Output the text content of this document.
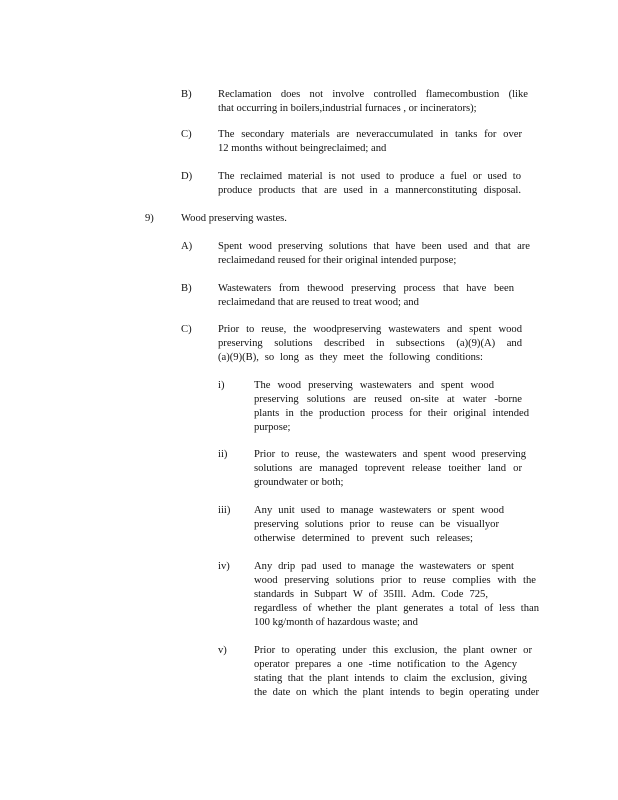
B) Reclamation does not involve controlled flamecombustion (like
that occurring in boilers,industrial furnaces , or incinerators);
C) The secondary materials are neveraccumulated in tanks for over
12 months without beingreclaimed; and
D) The reclaimed material is not used to produce a fuel or used to
produce products that are used in a mannerconstituting disposal.
9)	Wood preserving wastes.
A) Spent wood preserving solutions that have been used and that are
reclaimedand reused for their original intended purpose;
B) Wastewaters from thewood preserving process that have been
reclaimedand that are reused to treat wood; and
C) Prior to reuse, the woodpreserving wastewaters and spent wood
preserving solutions described in subsections (a)(9)(A) and
(a)(9)(B), so long as they meet the following conditions:
i)	The wood preserving wastewaters and spent wood
preserving solutions are reused on-site at water -borne
plants in the production process for their original intended
purpose;
ii)	Prior to reuse, the wastewaters and spent wood preserving
solutions are managed toprevent release toeither land or
groundwater or both;
iii) Any unit used to manage wastewaters or spent wood
preserving solutions prior to reuse can be visuallyor
otherwise determined to prevent such releases;
iv) Any drip pad used to manage the wastewaters or spent
wood preserving solutions prior to reuse complies with the
standards in Subpart W of 35Ill. Adm. Code 725,
regardless of whether the plant generates a total of less than
100 kg/month of hazardous waste; and
v)	Prior to operating under this exclusion, the plant owner or
operator prepares a one -time notification to the Agency
stating that the plant intends to claim the exclusion, giving
the date on which the plant intends to begin operating under
